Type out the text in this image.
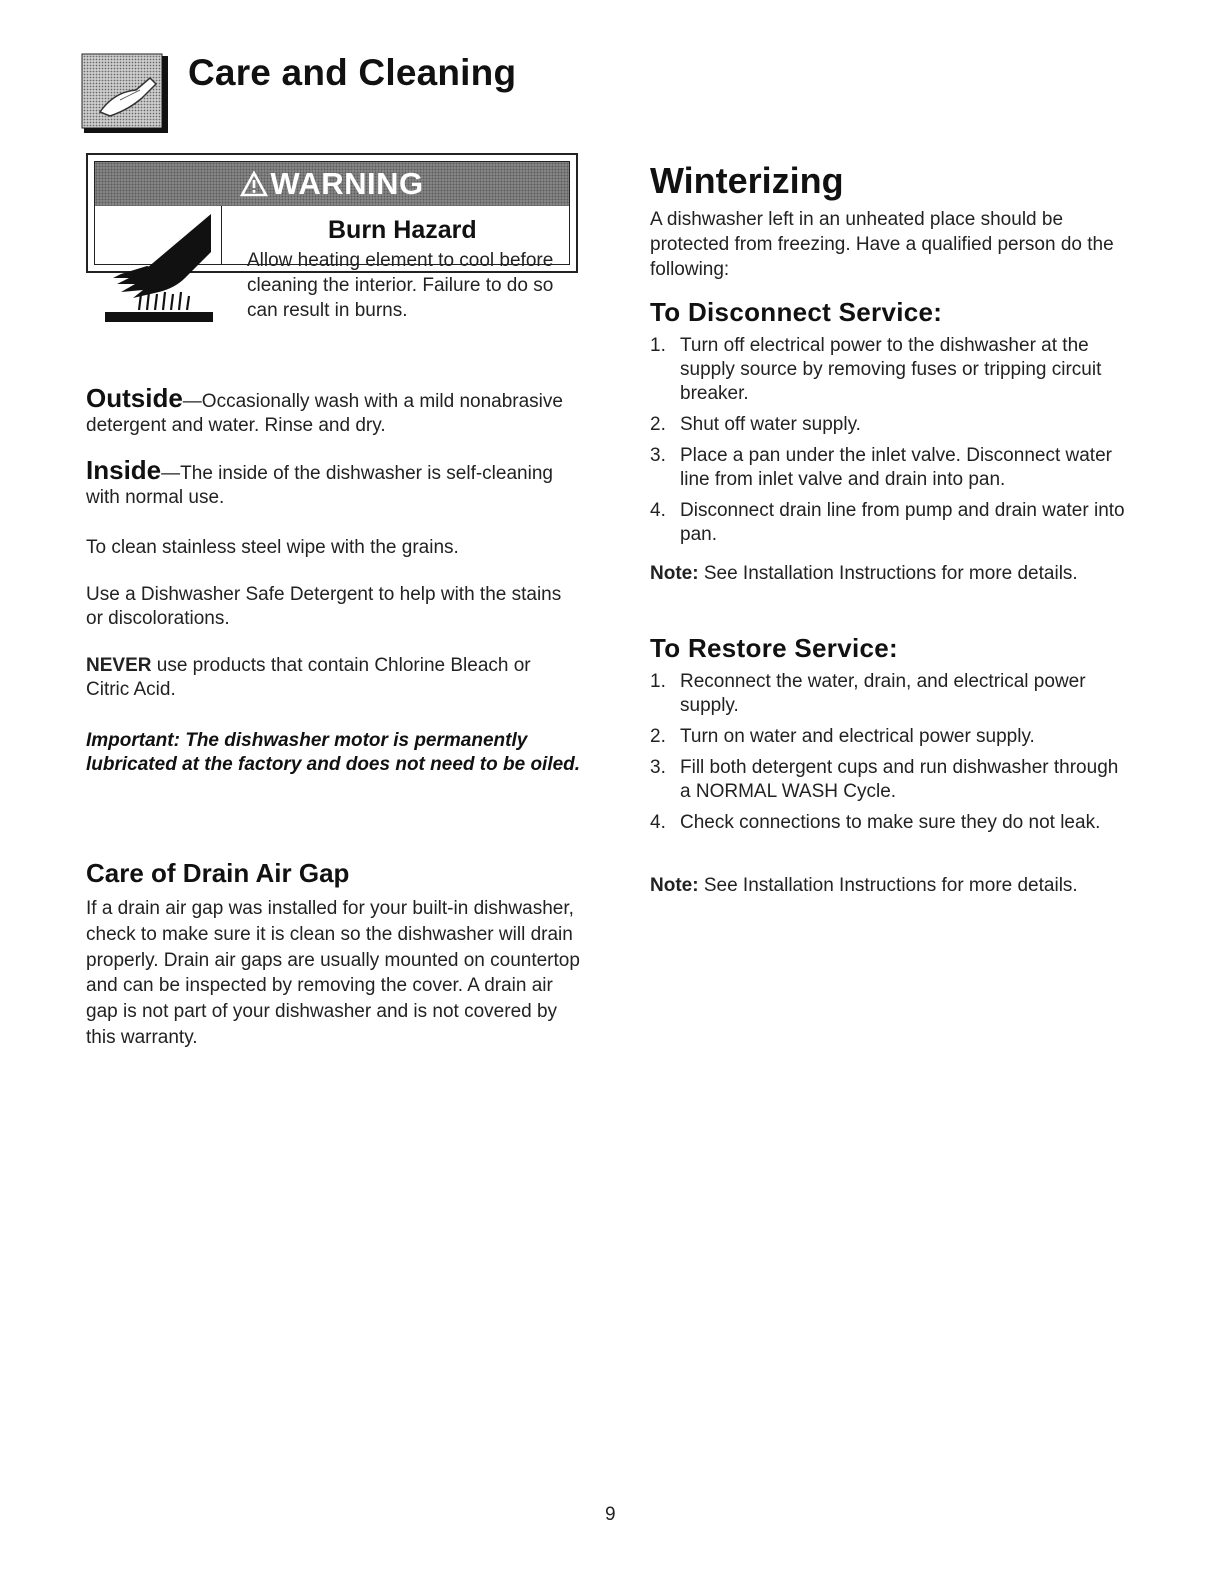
Care and Cleaning
WARNING
Burn Hazard
Allow heating element to cool before cleaning the interior. Failure to do so can result in burns.
Outside—Occasionally wash with a mild nonabrasive detergent and water. Rinse and dry.
Inside—The inside of the dishwasher is self-cleaning with normal use.
To clean stainless steel wipe with the grains.
Use a Dishwasher Safe Detergent to help with the stains or discolorations.
NEVER use products that contain Chlorine Bleach or Citric Acid.
Important: The dishwasher motor is permanently lubricated at the factory and does not need to be oiled.
Care of Drain Air Gap
If a drain air gap was installed for your built-in dishwasher, check to make sure it is clean so the dishwasher will drain properly. Drain air gaps are usually mounted on countertop and can be inspected by removing the cover. A drain air gap is not part of your dishwasher and is not covered by this warranty.
Winterizing
A dishwasher left in an unheated place should be protected from freezing. Have a qualified person do the following:
To Disconnect Service:
1. Turn off electrical power to the dishwasher at the supply source by removing fuses or tripping circuit breaker.
2. Shut off water supply.
3. Place a pan under the inlet valve. Disconnect water line from inlet valve and drain into pan.
4. Disconnect drain line from pump and drain water into pan.
Note: See Installation Instructions for more details.
To Restore Service:
1. Reconnect the water, drain, and electrical power supply.
2. Turn on water and electrical power supply.
3. Fill both detergent cups and run dishwasher through a NORMAL WASH Cycle.
4. Check connections to make sure they do not leak.
Note: See Installation Instructions for more details.
9
